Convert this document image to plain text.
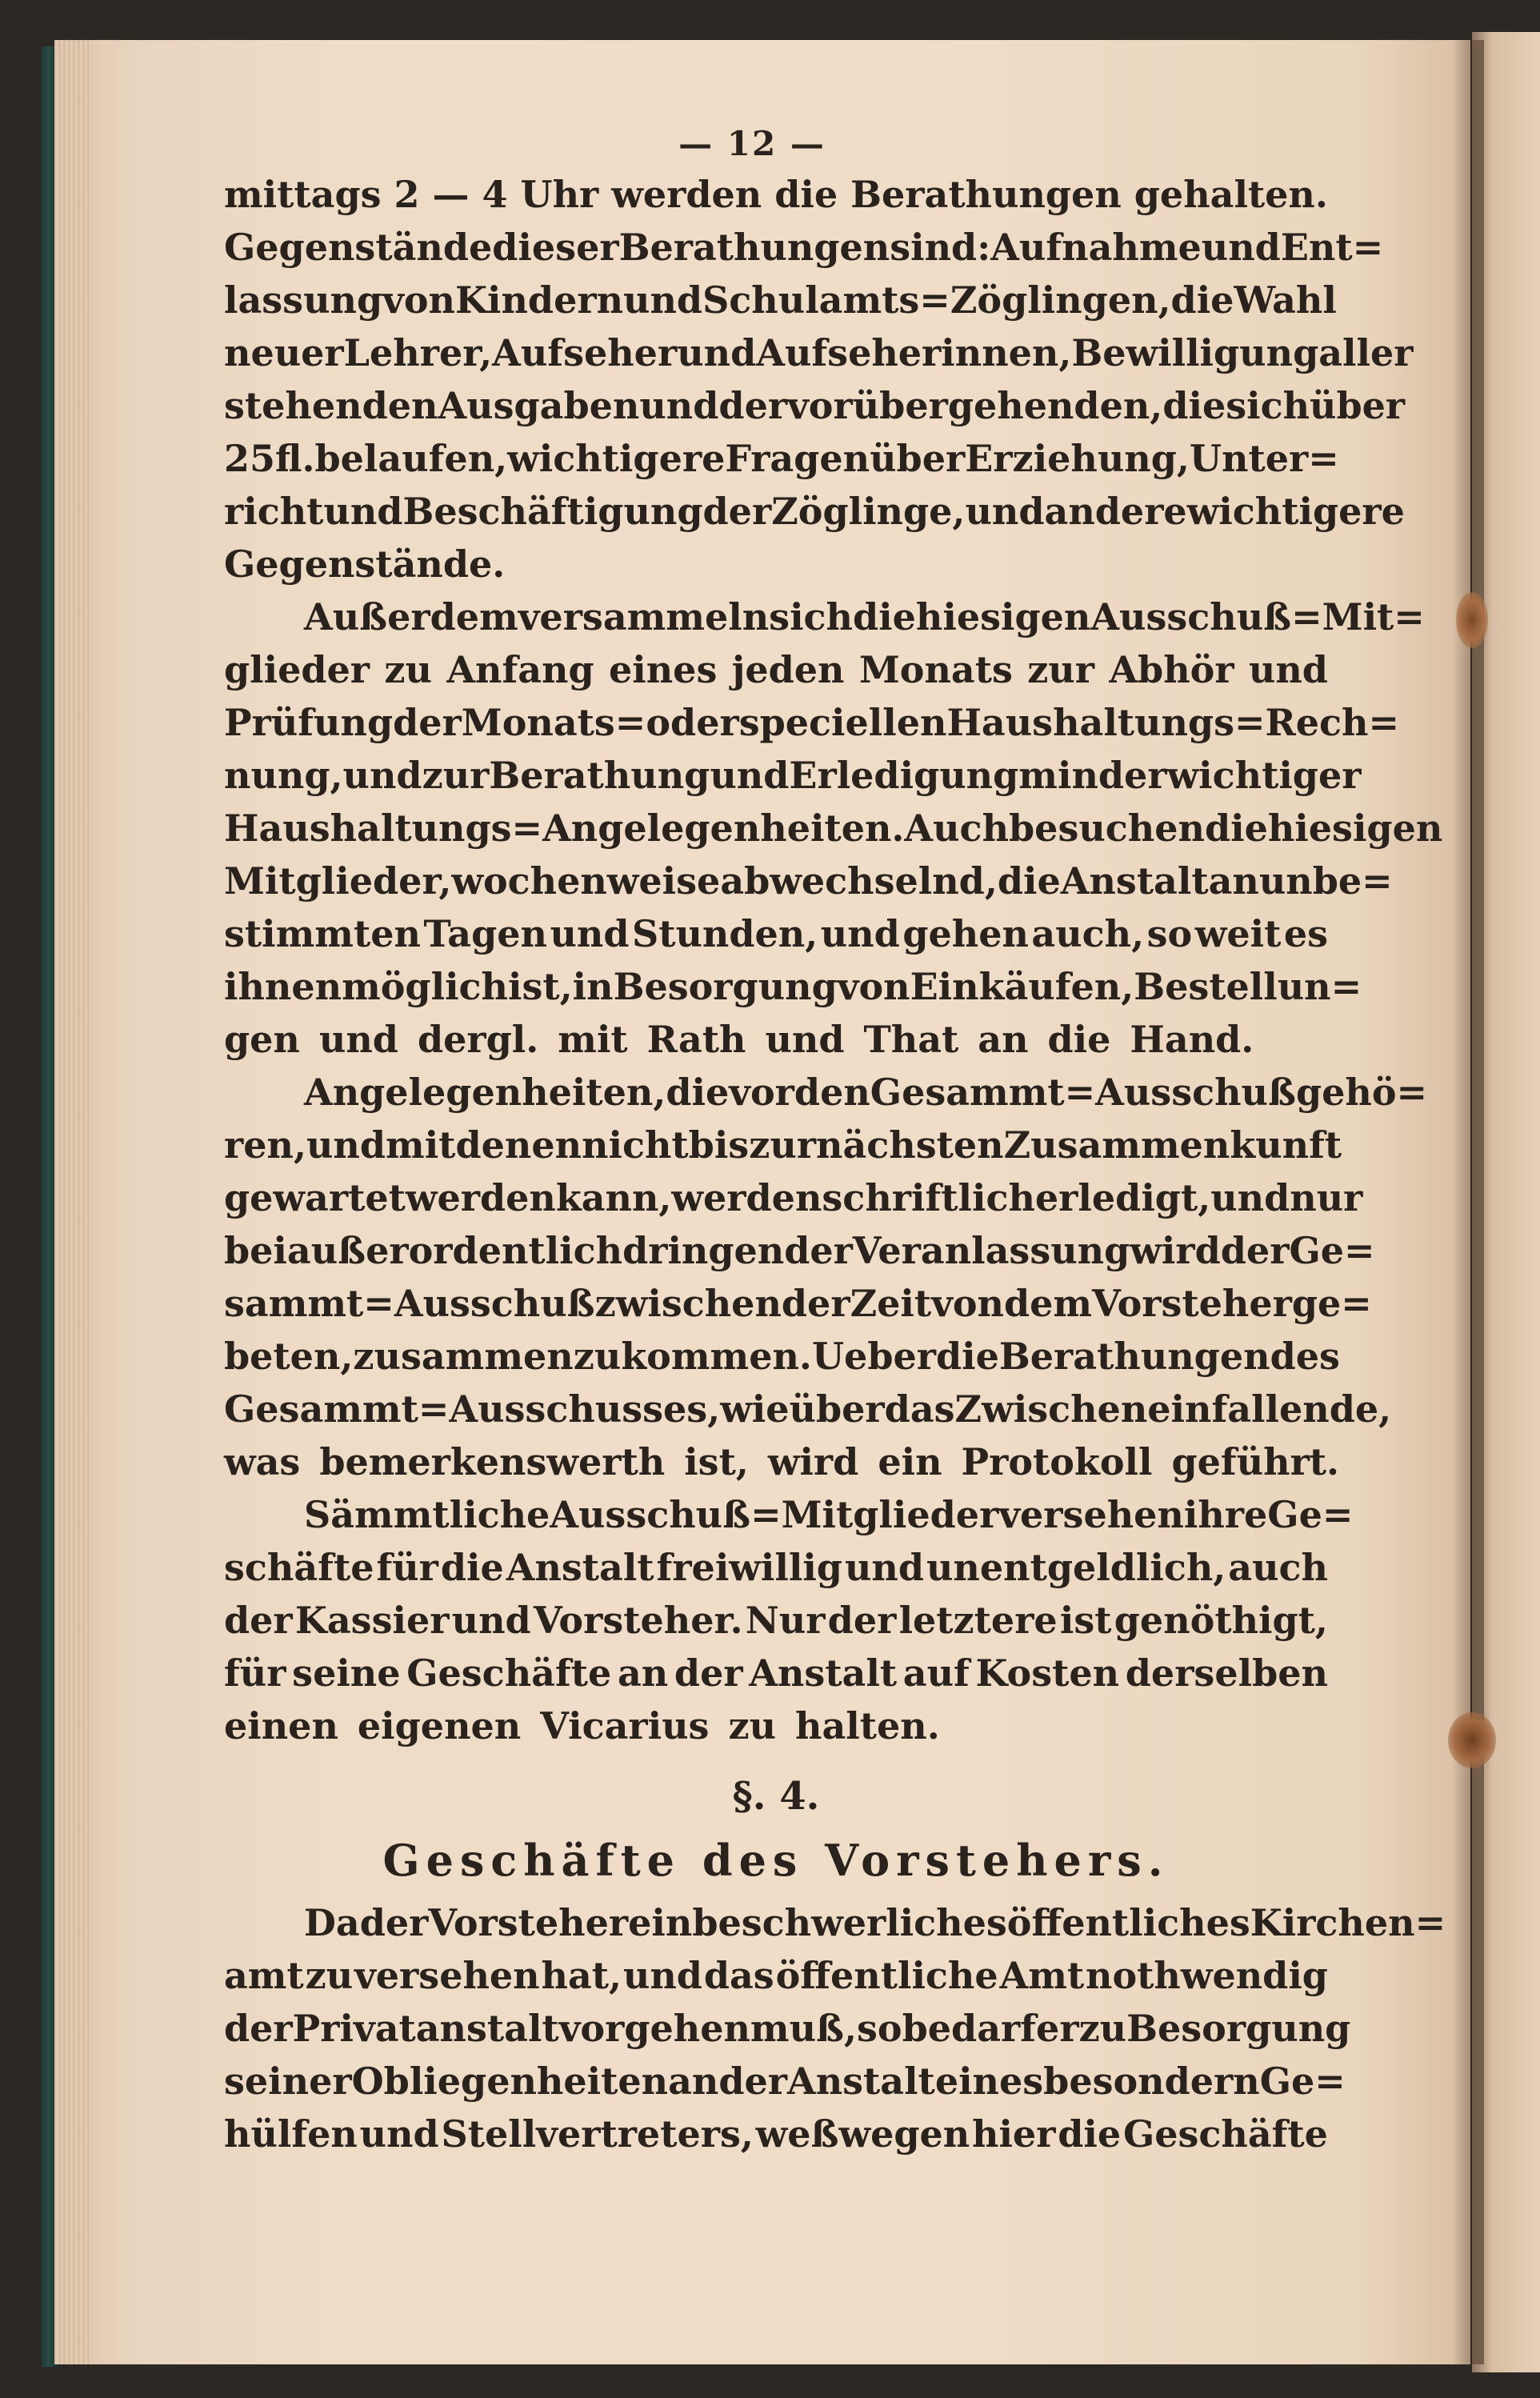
— 12 —
mittags 2 — 4 Uhr werden die Berathungen gehalten.
Gegenstände dieser Berathungen sind: Aufnahme und Ent=
lassung von Kindern und Schulamts=Zöglingen, die Wahl
neuer Lehrer, Aufseher und Aufseherinnen, Bewilligung aller
stehenden Ausgaben und der vorübergehenden, die sich über
25 fl. belaufen, wichtigere Fragen über Erziehung, Unter=
richt und Beschäftigung der Zöglinge, und andere wichtigere
Gegenstände.
Außerdem versammeln sich die hiesigen Ausschuß=Mit=
glieder zu Anfang eines jeden Monats zur Abhör und
Prüfung der Monats= oder speciellen Haushaltungs=Rech=
nung, und zur Berathung und Erledigung minder wichtiger
Haushaltungs=Angelegenheiten. Auch besuchen die hiesigen
Mitglieder, wochenweise abwechselnd, die Anstalt an unbe=
stimmten Tagen und Stunden, und gehen auch, so weit es
ihnen möglich ist, in Besorgung von Einkäufen, Bestellun=
gen und dergl. mit Rath und That an die Hand.
Angelegenheiten, die vor den Gesammt=Ausschuß gehö=
ren, und mit denen nicht bis zur nächsten Zusammenkunft
gewartet werden kann, werden schriftlich erledigt, und nur
bei außerordentlich dringender Veranlassung wird der Ge=
sammt=Ausschuß zwischen der Zeit von dem Vorsteher ge=
beten, zusammen zu kommen. Ueber die Berathungen des
Gesammt=Ausschusses, wie über das Zwischeneinfallende,
was bemerkenswerth ist, wird ein Protokoll geführt.
Sämmtliche Ausschuß=Mitglieder versehen ihre Ge=
schäfte für die Anstalt freiwillig und unentgeldlich, auch
der Kassier und Vorsteher. Nur der letztere ist genöthigt,
für seine Geschäfte an der Anstalt auf Kosten derselben
einen eigenen Vicarius zu halten.
§. 4.
Geschäfte des Vorstehers.
Da der Vorsteher ein beschwerliches öffentliches Kirchen=
amt zu versehen hat, und das öffentliche Amt nothwendig
der Privatanstalt vorgehen muß, so bedarf er zu Besorgung
seiner Obliegenheiten an der Anstalt eines besondern Ge=
hülfen und Stellvertreters, weßwegen hier die Geschäfte
